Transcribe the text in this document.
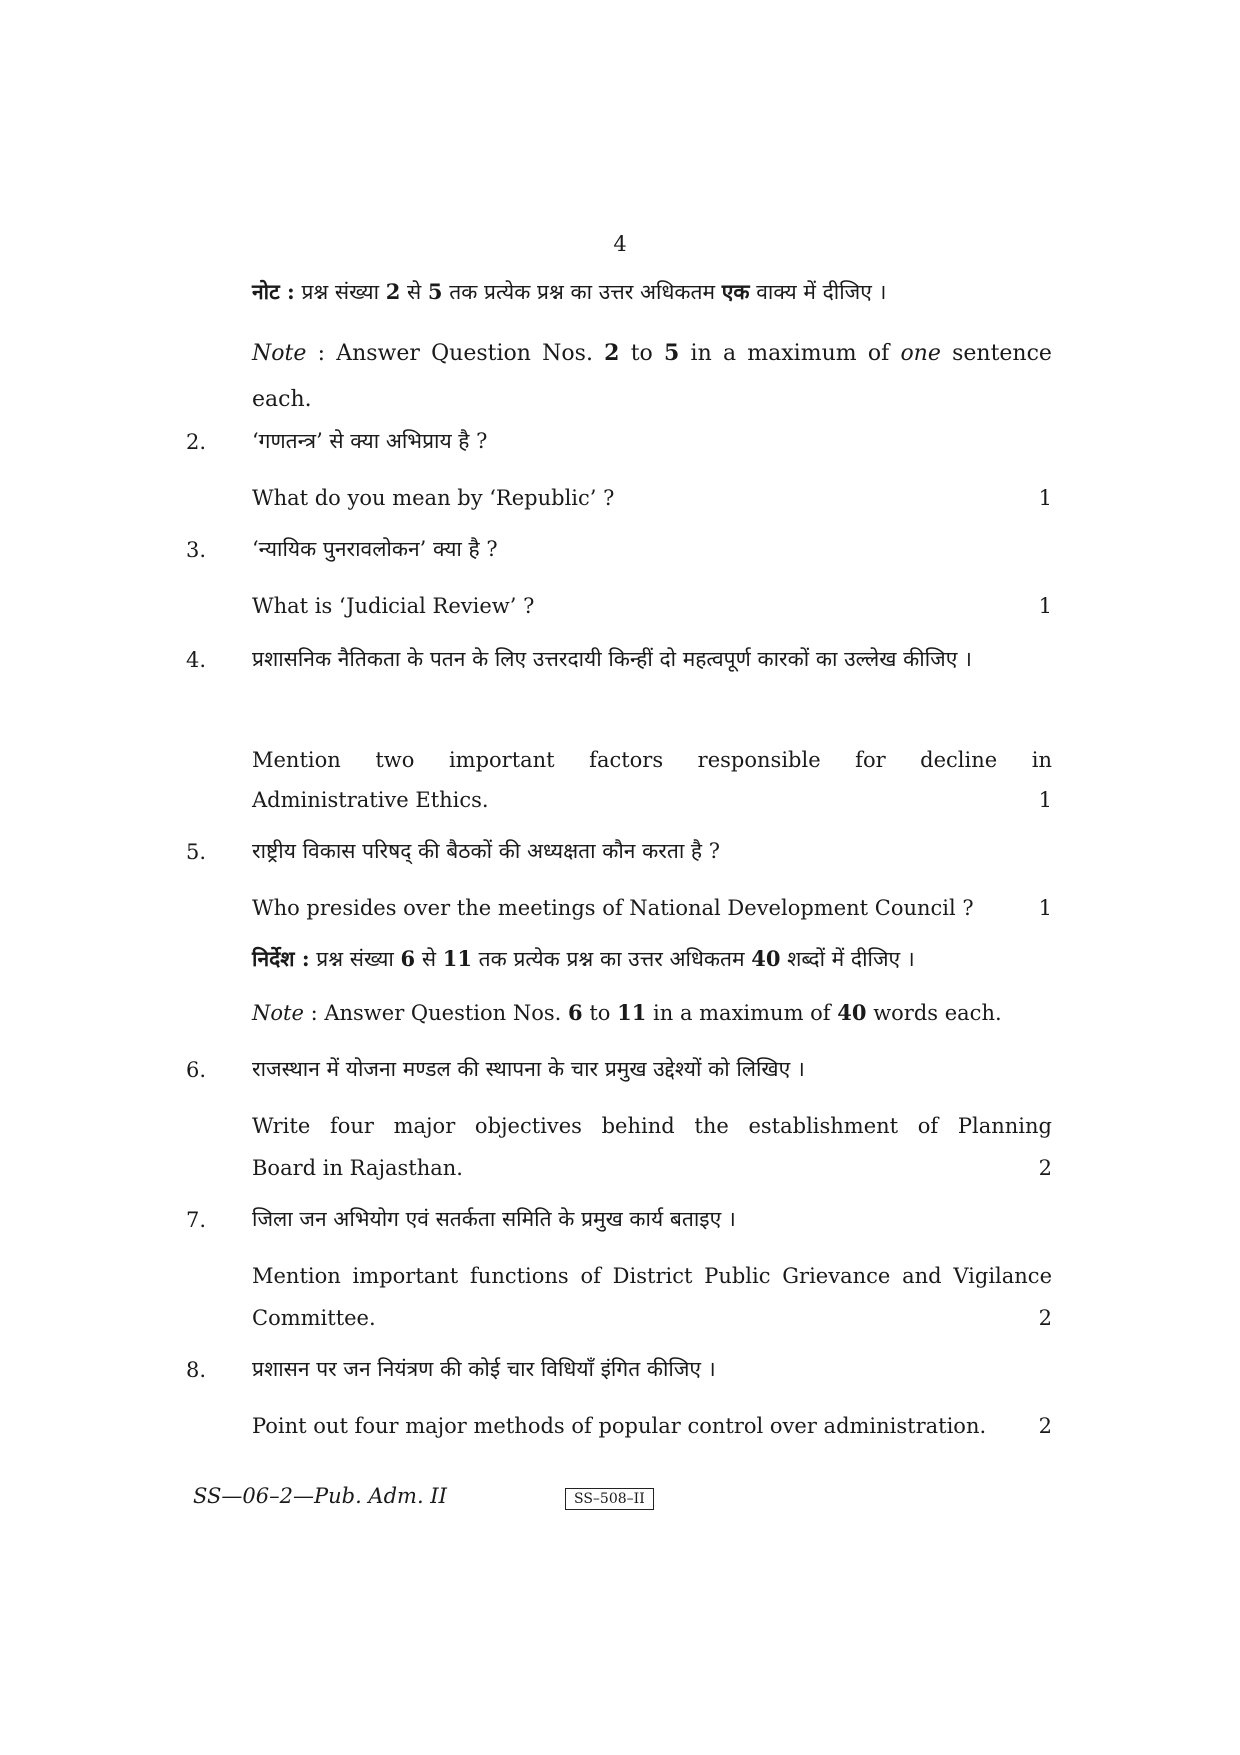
4
नोट : प्रश्न संख्या 2 से 5 तक प्रत्येक प्रश्न का उत्तर अधिकतम एक वाक्य में दीजिए ।
Note : Answer Question Nos. 2 to 5 in a maximum of one sentence each.
2. ‘गणतन्त्र’ से क्या अभिप्राय है ?
What do you mean by ‘Republic’ ?	1
3. ‘न्यायिक पुनरावलोकन’ क्या है ?
What is ‘Judicial Review’ ?	1
4. प्रशासनिक नैतिकता के पतन के लिए उत्तरदायी किन्हीं दो महत्वपूर्ण कारकों का उल्लेख कीजिए ।
Mention two important factors responsible for decline in
Administrative Ethics.	1
5. राष्ट्रीय विकास परिषद् की बैठकों की अध्यक्षता कौन करता है ?
Who presides over the meetings of National Development Council ?	1
निर्देश : प्रश्न संख्या 6 से 11 तक प्रत्येक प्रश्न का उत्तर अधिकतम 40 शब्दों में दीजिए ।
Note : Answer Question Nos. 6 to 11 in a maximum of 40 words each.
6. राजस्थान में योजना मण्डल की स्थापना के चार प्रमुख उद्देश्यों को लिखिए ।
Write four major objectives behind the establishment of Planning
Board in Rajasthan.	2
7. जिला जन अभियोग एवं सतर्कता समिति के प्रमुख कार्य बताइए ।
Mention important functions of District Public Grievance and Vigilance
Committee.	2
8. प्रशासन पर जन नियंत्रण की कोई चार विधियाँ इंगित कीजिए ।
Point out four major methods of popular control over administration.	2
SS—06–2—Pub. Adm. II	SS–508–II
